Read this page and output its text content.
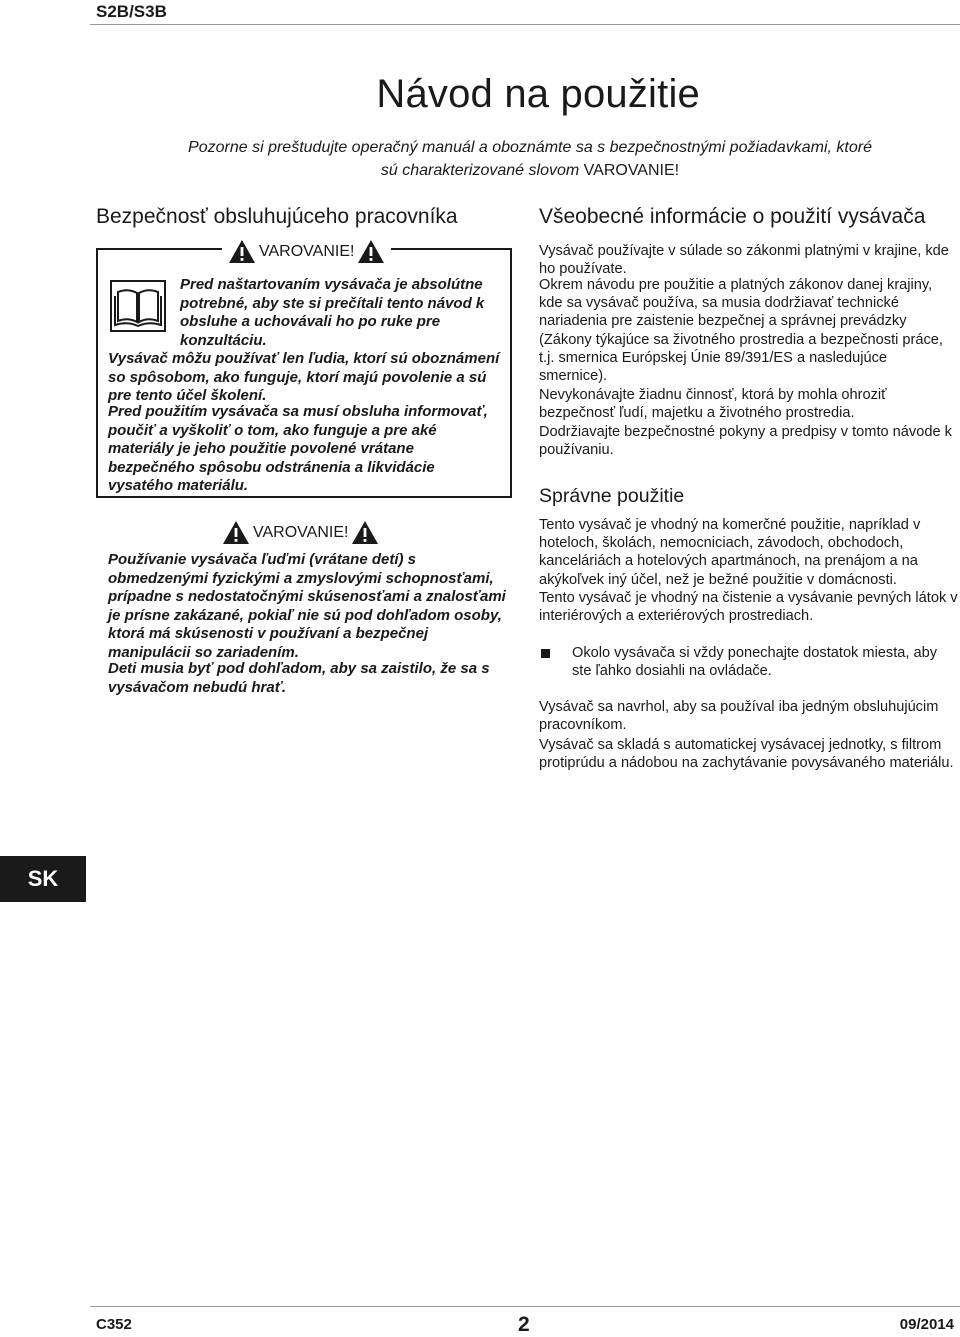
S2B/S3B
Návod na použitie
Pozorne si preštudujte operačný manuál a oboznámte sa s bezpečnostnými požiadavkami, ktoré
sú charakterizované slovom VAROVANIE!
Bezpečnosť obsluhujúceho pracovníka
VAROVANIE!

Pred naštartovaním vysávača je absolútne potrebné, aby ste si prečítali tento návod k obsluhe a uchovávali ho po ruke pre konzultáciu.

Vysávač môžu používať len ľudia, ktorí sú oboznámení so spôsobom, ako funguje, ktorí majú povolenie a sú pre tento účel školení.

Pred použitím vysávača sa musí obsluha informovať, poučiť a vyškoliť o tom, ako funguje a pre aké materiály je jeho použitie povolené vrátane bezpečného spôsobu odstránenia a likvidácie vysatého materiálu.

VAROVANIE!

Používanie vysávača ľuďmi (vrátane detí) s obmedzenými fyzickými a zmyslovými schopnosťami, prípadne s nedostatočnými skúsenosťami a znalosťami je prísne zakázané, pokiaľ nie sú pod dohľadom osoby, ktorá má skúsenosti v používaní a bezpečnej manipulácii so zariadením.

Deti musia byť pod dohľadom, aby sa zaistilo, že sa s vysávačom nebudú hrať.

Všeobecné informácie o použití vysávača

Vysávač používajte v súlade so zákonmi platnými v krajine, kde ho používate.

Okrem návodu pre použitie a platných zákonov danej krajiny, kde sa vysávač používa, sa musia dodržiavať technické nariadenia pre zaistenie bezpečnej a správnej prevádzky (Zákony týkajúce sa životného prostredia a bezpečnosti práce, t.j. smernica Európskej Únie 89/391/ES a nasledujúce smernice).

Nevykonávajte žiadnu činnosť, ktorá by mohla ohroziť bezpečnosť ľudí, majetku a životného prostredia.

Dodržiavajte bezpečnostné pokyny a predpisy v tomto návode k používaniu.

Správne použitie

Tento vysávač je vhodný na komerčné použitie, napríklad v hoteloch, školách, nemocniciach, závodoch, obchodoch, kanceláriách a hotelových apartmánoch, na prenájom a na akýkoľvek iný účel, než je bežné použitie v domácnosti.

Tento vysávač je vhodný na čistenie a vysávanie pevných látok v interiérových a exteriérových prostrediach.

Okolo vysávača si vždy ponechajte dostatok miesta, aby ste ľahko dosiahli na ovládače.

Vysávač sa navrhol, aby sa používal iba jedným obsluhujúcim pracovníkom.

Vysávač sa skladá s automatickej vysávacej jednotky, s filtrom protiprúdu a nádobou na zachytávanie povysávaného materiálu.

SK
C352	2	09/2014
